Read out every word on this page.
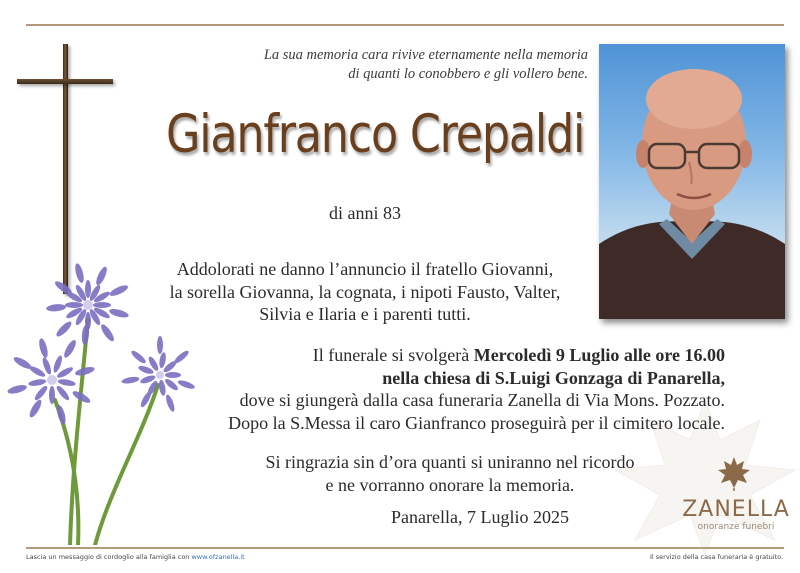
La sua memoria cara rivive eternamente nella memoria
di quanti lo conobbero e gli vollero bene.
Gianfranco Crepaldi
di anni 83
Addolorati ne danno l’annuncio il fratello Giovanni,
la sorella Giovanna, la cognata, i nipoti Fausto, Valter,
Silvia e Ilaria e i parenti tutti.
Il funerale si svolgerà Mercoledì 9 Luglio alle ore 16.00
nella chiesa di S.Luigi Gonzaga di Panarella,
dove si giungerà dalla casa funeraria Zanella di Via Mons. Pozzato.
Dopo la S.Messa il caro Gianfranco proseguirà per il cimitero locale.
Si ringrazia sin d’ora quanti si uniranno nel ricordo
e ne vorranno onorare la memoria.
Panarella, 7 Luglio 2025	ZANELLA
onoranze funebri
Lascia un messaggio di cordoglio alla famiglia con www.ofzanella.it	Il servizio della casa funeraria è gratuito.
